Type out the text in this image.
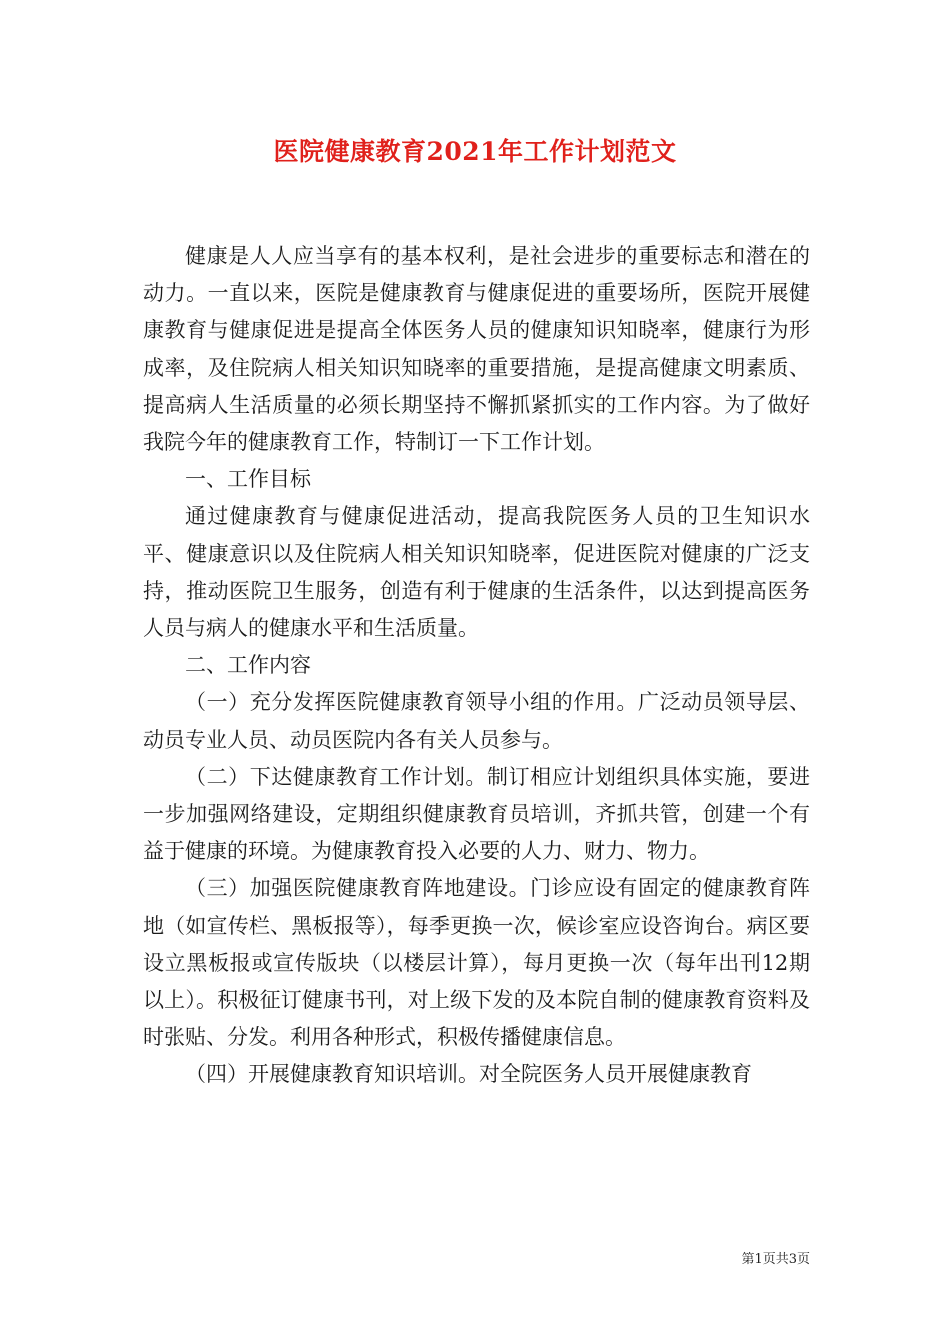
医院健康教育2021年工作计划范文

健康是人人应当享有的基本权利，是社会进步的重要标志和潜在的动力。一直以来，医院是健康教育与健康促进的重要场所，医院开展健康教育与健康促进是提高全体医务人员的健康知识知晓率，健康行为形成率，及住院病人相关知识知晓率的重要措施，是提高健康文明素质、提高病人生活质量的必须长期坚持不懈抓紧抓实的工作内容。为了做好我院今年的健康教育工作，特制订一下工作计划。

一、工作目标

通过健康教育与健康促进活动，提高我院医务人员的卫生知识水平、健康意识以及住院病人相关知识知晓率，促进医院对健康的广泛支持，推动医院卫生服务，创造有利于健康的生活条件，以达到提高医务人员与病人的健康水平和生活质量。

二、工作内容

（一）充分发挥医院健康教育领导小组的作用。广泛动员领导层、动员专业人员、动员医院内各有关人员参与。

（二）下达健康教育工作计划。制订相应计划组织具体实施，要进一步加强网络建设，定期组织健康教育员培训，齐抓共管，创建一个有益于健康的环境。为健康教育投入必要的人力、财力、物力。

（三）加强医院健康教育阵地建设。门诊应设有固定的健康教育阵地（如宣传栏、黑板报等），每季更换一次，候诊室应设咨询台。病区要设立黑板报或宣传版块（以楼层计算），每月更换一次（每年出刊12期以上）。积极征订健康书刊，对上级下发的及本院自制的健康教育资料及时张贴、分发。利用各种形式，积极传播健康信息。

（四）开展健康教育知识培训。对全院医务人员开展健康教育

第1页共3页
